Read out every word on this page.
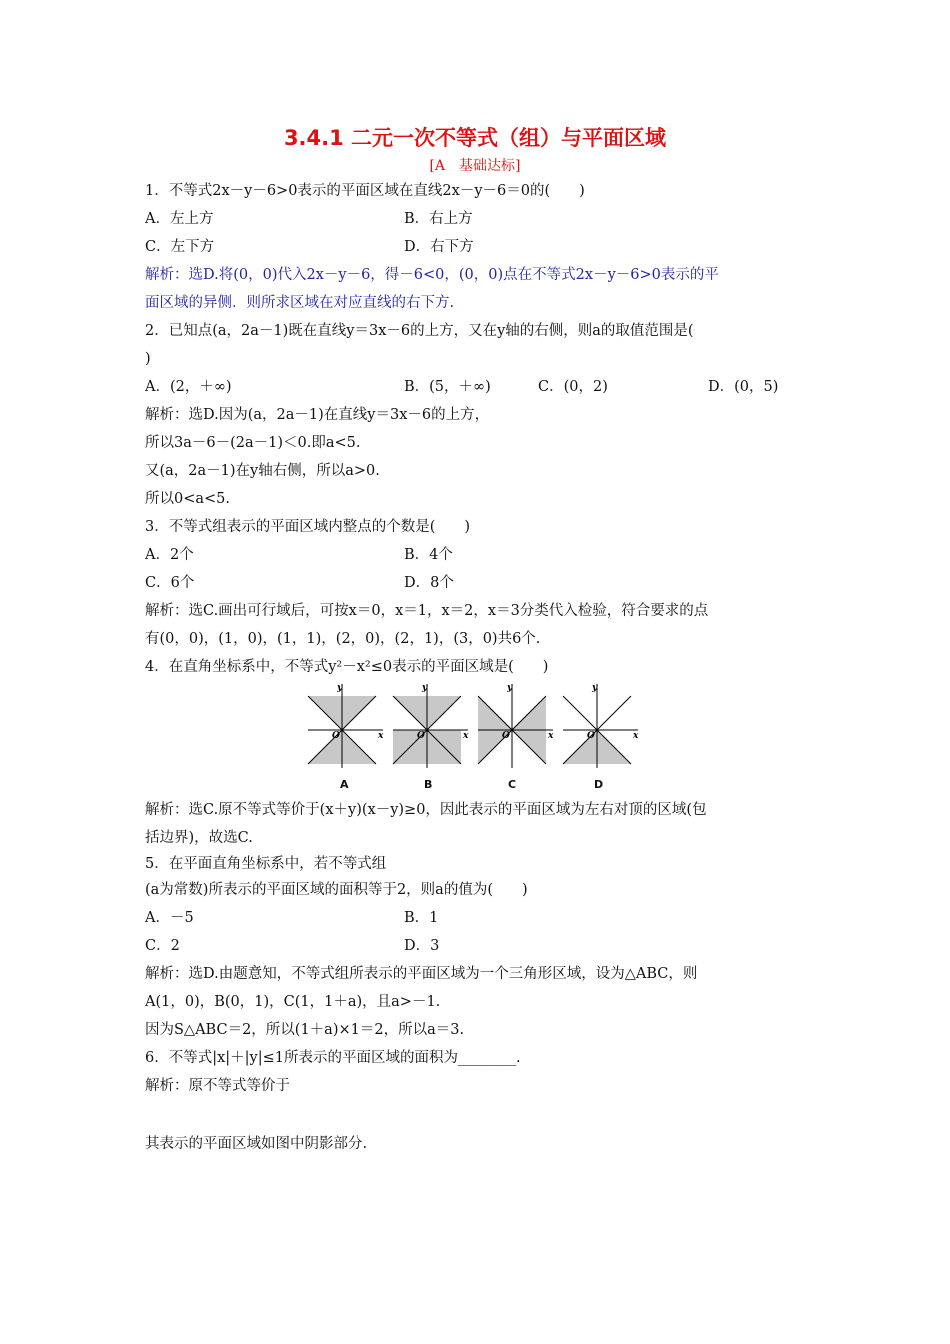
3.4.1 二元一次不等式（组）与平面区域
[A　基础达标]
1．不等式2x－y－6>0表示的平面区域在直线2x－y－6＝0的(　　)
A．左上方	B．右上方
C．左下方	D．右下方
解析：选D.将(0，0)代入2x－y－6，得－6<0，(0，0)点在不等式2x－y－6>0表示的平
面区域的异侧．则所求区域在对应直线的右下方.
2．已知点(a，2a－1)既在直线y＝3x－6的上方，又在y轴的右侧，则a的取值范围是(
)
A．(2，＋∞)	B．(5，＋∞)	C．(0，2)	D．(0，5)
解析：选D.因为(a，2a－1)在直线y＝3x－6的上方，
所以3a－6－(2a－1)＜0.即a<5.
又(a，2a－1)在y轴右侧，所以a>0.
所以0<a<5.
3．不等式组表示的平面区域内整点的个数是(　　)
A．2个	B．4个
C．6个	D．8个
解析：选C.画出可行域后，可按x＝0，x＝1，x＝2，x＝3分类代入检验，符合要求的点
有(0，0)，(1，0)，(1，1)，(2，0)，(2，1)，(3，0)共6个.
4．在直角坐标系中，不等式y²－x²≤0表示的平面区域是(　　)
y
x
O
A
y
x
O
B
y
x
O
C
y
x
O
D
解析：选C.原不等式等价于(x＋y)(x－y)≥0，因此表示的平面区域为左右对顶的区域(包
括边界)，故选C.
5．在平面直角坐标系中，若不等式组
(a为常数)所表示的平面区域的面积等于2，则a的值为(　　)
A．－5	B．1
C．2	D．3
解析：选D.由题意知，不等式组所表示的平面区域为一个三角形区域，设为△ABC，则
A(1，0)，B(0，1)，C(1，1＋a)，且a>－1.
因为S△ABC＝2，所以(1＋a)×1＝2，所以a＝3.
6．不等式|x|＋|y|≤1所表示的平面区域的面积为________.
解析：原不等式等价于
其表示的平面区域如图中阴影部分.
